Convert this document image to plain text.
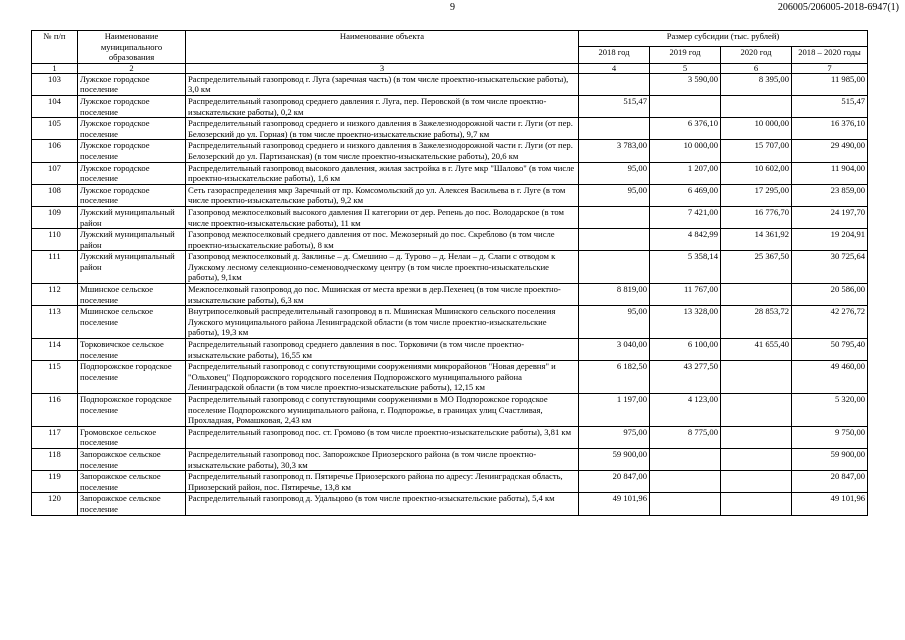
9	206005/206005-2018-6947(1)
№ п/п	Наименование муниципального образования	Наименование объекта	Размер субсидии (тыс. рублей)			
			2018 год	2019 год	2020 год	2018 – 2020 годы
1	2	3	4	5	6	7
103	Лужское городское поселение	Распределительный газопровод г. Луга (заречная часть) (в том числе проектно-изыскательские работы), 3,0 км		3 590,00	8 395,00	11 985,00
104	Лужское городское поселение	Распределительный газопровод среднего давления г. Луга, пер. Перовской (в том числе проектно-изыскательские работы), 0,2 км	515,47			515,47
105	Лужское городское поселение	Распределительный газопровод среднего и низкого давления в Зажелезнодорожной части г. Луги (от пер. Белозерский до ул. Горная) (в том числе проектно-изыскательские работы), 9,7 км		6 376,10	10 000,00	16 376,10
106	Лужское городское поселение	Распределительный газопровод среднего и низкого давления в Зажелезнодорожной части г. Луги (от пер. Белозерский до ул. Партизанская) (в том числе проектно-изыскательские работы), 20,6 км	3 783,00	10 000,00	15 707,00	29 490,00
107	Лужское городское поселение	Распределительный газопровод высокого давления, жилая застройка в г. Луге мкр "Шалово" (в том числе проектно-изыскательские работы), 1,6 км	95,00	1 207,00	10 602,00	11 904,00
108	Лужское городское поселение	Сеть газораспределения мкр Заречный от пр. Комсомольский до ул. Алексея Васильева в г. Луге (в том числе проектно-изыскательские работы), 9,2 км	95,00	6 469,00	17 295,00	23 859,00
109	Лужский муниципальный район	Газопровод межпоселковый высокого давления II категории от дер. Репень до пос. Володарское (в том числе проектно-изыскательские работы), 11 км		7 421,00	16 776,70	24 197,70
110	Лужский муниципальный район	Газопровод межпоселковый среднего давления от пос. Межозерный до пос. Скреблово (в том числе проектно-изыскательские работы), 8 км		4 842,99	14 361,92	19 204,91
111	Лужский муниципальный район	Газопровод межпоселковый д. Заклинье – д. Смешино – д. Турово – д. Нелаи – д. Слапи с отводом к Лужскому лесному селекционно-семеноводческому центру (в том числе проектно-изыскательские работы), 9,1км		5 358,14	25 367,50	30 725,64
112	Мшинское сельское поселение	Межпоселковый газопровод до пос. Мшинская от места врезки в дер.Пехенец (в том числе проектно-изыскательские работы), 6,3 км	8 819,00	11 767,00		20 586,00
113	Мшинское сельское поселение	Внутрипоселковый распределительный газопровод в п. Мшинская Мшинского сельского поселения Лужского муниципального района Ленинградской области (в том числе проектно-изыскательские работы), 19,3 км	95,00	13 328,00	28 853,72	42 276,72
114	Торковичское сельское поселение	Распределительный газопровод среднего давления в пос. Торковичи (в том числе проектно-изыскательские работы), 16,55 км	3 040,00	6 100,00	41 655,40	50 795,40
115	Подпорожское городское поселение	Распределительный газопровод с сопутствующими сооружениями микрорайонов "Новая деревня" и "Ольховец" Подпорожского городского поселения Подпорожского муниципального района Ленинградской области (в том числе проектно-изыскательские работы), 12,15 км	6 182,50	43 277,50		49 460,00
116	Подпорожское городское поселение	Распределительный газопровод с сопутствующими сооружениями в МО Подпорожское городское поселение Подпорожского муниципального района, г. Подпорожье, в границах улиц Счастливая, Прохладная, Ромашковая, 2,43 км	1 197,00	4 123,00		5 320,00
117	Громовское сельское поселение	Распределительный газопровод пос. ст. Громово (в том числе проектно-изыскательские работы), 3,81 км	975,00	8 775,00		9 750,00
118	Запорожское сельское поселение	Распределительный газопровод пос. Запорожское Приозерского района (в том числе проектно-изыскательские работы), 30,3 км	59 900,00			59 900,00
119	Запорожское сельское поселение	Распределительный газопровод п. Пятиречье Приозерского района по адресу: Ленинградская область, Приозерский район, пос. Пятиречье, 13,8 км	20 847,00			20 847,00
120	Запорожское сельское поселение	Распределительный газопровод д. Удальцово (в том числе проектно-изыскательские работы), 5,4 км	49 101,96			49 101,96
